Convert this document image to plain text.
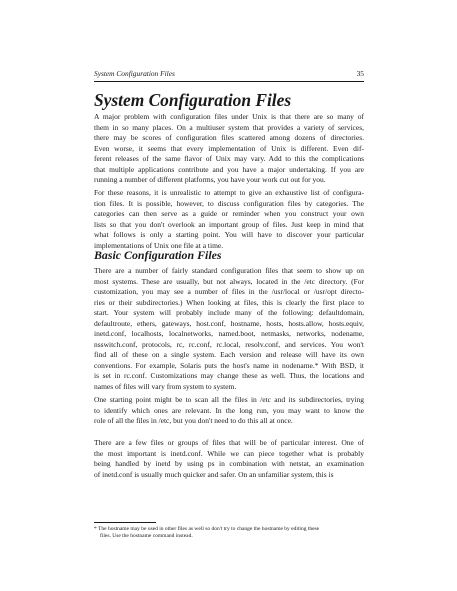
System Configuration Files	35
System Configuration Files
A major problem with configuration files under Unix is that there are so many of
them in so many places. On a multiuser system that provides a variety of services,
there may be scores of configuration files scattered among dozens of directories.
Even worse, it seems that every implementation of Unix is different. Even dif-
ferent releases of the same flavor of Unix may vary. Add to this the complications
that multiple applications contribute and you have a major undertaking. If you are
running a number of different platforms, you have your work cut out for you.
For these reasons, it is unrealistic to attempt to give an exhaustive list of configura-
tion files. It is possible, however, to discuss configuration files by categories. The
categories can then serve as a guide or reminder when you construct your own
lists so that you don't overlook an important group of files. Just keep in mind that
what follows is only a starting point. You will have to discover your particular
implementations of Unix one file at a time.
Basic Configuration Files
There are a number of fairly standard configuration files that seem to show up on
most systems. These are usually, but not always, located in the /etc directory. (For
customization, you may see a number of files in the /usr/local or /usr/opt directo-
ries or their subdirectories.) When looking at files, this is clearly the first place to
start. Your system will probably include many of the following: defaultdomain,
defaultroute, ethers, gateways, host.conf, hostname, hosts, hosts.allow, hosts.equiv,
inetd.conf, localhosts, localnetworks, named.boot, netmasks, networks, nodename,
nsswitch.conf, protocols, rc, rc.conf, rc.local, resolv.conf, and services. You won't
find all of these on a single system. Each version and release will have its own
conventions. For example, Solaris puts the host's name in nodename.* With BSD, it
is set in rc.conf. Customizations may change these as well. Thus, the locations and
names of files will vary from system to system.
One starting point might be to scan all the files in /etc and its subdirectories, trying
to identify which ones are relevant. In the long run, you may want to know the
role of all the files in /etc, but you don't need to do this all at once.
There are a few files or groups of files that will be of particular interest. One of
the most important is inetd.conf. While we can piece together what is probably
being handled by inetd by using ps in combination with netstat, an examination
of inetd.conf is usually much quicker and safer. On an unfamiliar system, this is
* The hostname may be used in other files as well so don't try to change the hostname by editing these
files. Use the hostname command instead.
